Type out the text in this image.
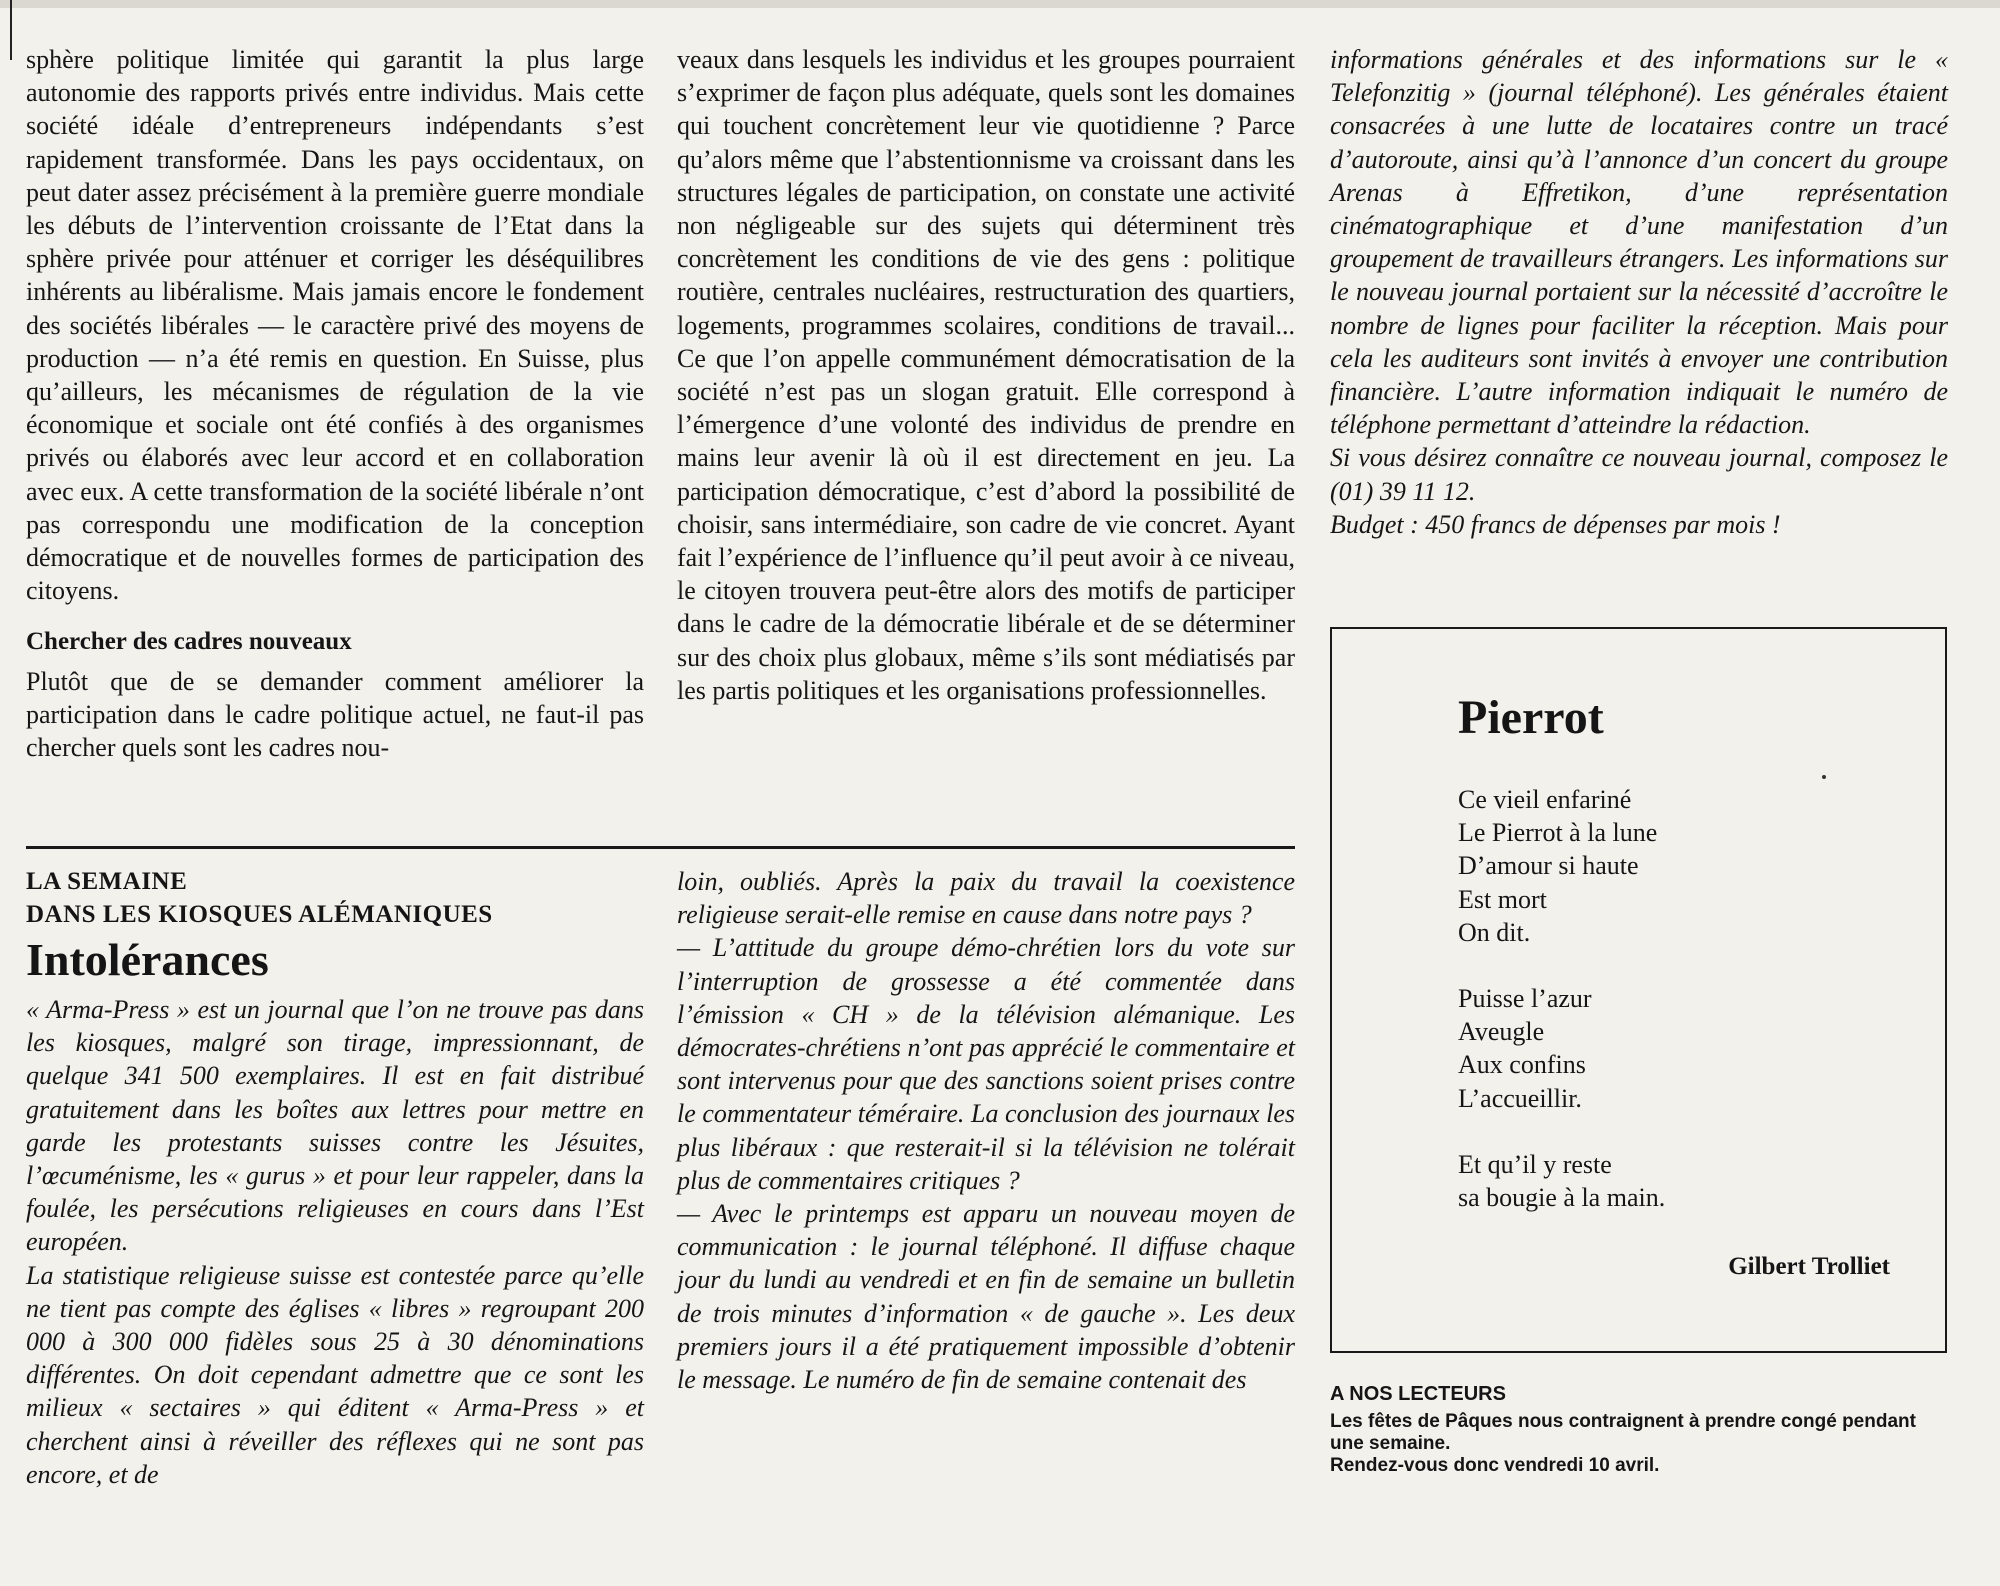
sphère politique limitée qui garantit la plus large autonomie des rapports privés entre individus. Mais cette société idéale d’entrepreneurs indépendants s’est rapidement transformée. Dans les pays occidentaux, on peut dater assez précisément à la première guerre mondiale les débuts de l’intervention croissante de l’Etat dans la sphère privée pour atténuer et corriger les déséquilibres inhérents au libéralisme. Mais jamais encore le fondement des sociétés libérales — le caractère privé des moyens de production — n’a été remis en question. En Suisse, plus qu’ailleurs, les mécanismes de régulation de la vie économique et sociale ont été confiés à des organismes privés ou élaborés avec leur accord et en collaboration avec eux. A cette transformation de la société libérale n’ont pas correspondu une modification de la conception démocratique et de nouvelles formes de participation des citoyens.

Chercher des cadres nouveaux

Plutôt que de se demander comment améliorer la participation dans le cadre politique actuel, ne faut-il pas chercher quels sont les cadres nou-

veaux dans lesquels les individus et les groupes pourraient s’exprimer de façon plus adéquate, quels sont les domaines qui touchent concrètement leur vie quotidienne ? Parce qu’alors même que l’abstentionnisme va croissant dans les structures légales de participation, on constate une activité non négligeable sur des sujets qui déterminent très concrètement les conditions de vie des gens : politique routière, centrales nucléaires, restructuration des quartiers, logements, programmes scolaires, conditions de travail... Ce que l’on appelle communément démocratisation de la société n’est pas un slogan gratuit. Elle correspond à l’émergence d’une volonté des individus de prendre en mains leur avenir là où il est directement en jeu. La participation démocratique, c’est d’abord la possibilité de choisir, sans intermédiaire, son cadre de vie concret. Ayant fait l’expérience de l’influence qu’il peut avoir à ce niveau, le citoyen trouvera peut-être alors des motifs de participer dans le cadre de la démocratie libérale et de se déterminer sur des choix plus globaux, même s’ils sont médiatisés par les partis politiques et les organisations professionnelles.

informations générales et des informations sur le « Telefonzitig » (journal téléphoné). Les générales étaient consacrées à une lutte de locataires contre un tracé d’autoroute, ainsi qu’à l’annonce d’un concert du groupe Arenas à Effretikon, d’une représentation cinématographique et d’une manifestation d’un groupement de travailleurs étrangers. Les informations sur le nouveau journal portaient sur la nécessité d’accroître le nombre de lignes pour faciliter la réception. Mais pour cela les auditeurs sont invités à envoyer une contribution financière. L’autre information indiquait le numéro de téléphone permettant d’atteindre la rédaction.

Si vous désirez connaître ce nouveau journal, composez le (01) 39 11 12.

Budget : 450 francs de dépenses par mois !

LA SEMAINE
DANS LES KIOSQUES ALÉMANIQUES
Intolérances

« Arma-Press » est un journal que l’on ne trouve pas dans les kiosques, malgré son tirage, impressionnant, de quelque 341 500 exemplaires. Il est en fait distribué gratuitement dans les boîtes aux lettres pour mettre en garde les protestants suisses contre les Jésuites, l’œcuménisme, les « gurus » et pour leur rappeler, dans la foulée, les persécutions religieuses en cours dans l’Est européen.

La statistique religieuse suisse est contestée parce qu’elle ne tient pas compte des églises « libres » regroupant 200 000 à 300 000 fidèles sous 25 à 30 dénominations différentes. On doit cependant admettre que ce sont les milieux « sectaires » qui éditent « Arma-Press » et cherchent ainsi à réveiller des réflexes qui ne sont pas encore, et de

loin, oubliés. Après la paix du travail la coexistence religieuse serait-elle remise en cause dans notre pays ?

— L’attitude du groupe démo-chrétien lors du vote sur l’interruption de grossesse a été commentée dans l’émission « CH » de la télévision alémanique. Les démocrates-chrétiens n’ont pas apprécié le commentaire et sont intervenus pour que des sanctions soient prises contre le commentateur téméraire. La conclusion des journaux les plus libéraux : que resterait-il si la télévision ne tolérait plus de commentaires critiques ?

— Avec le printemps est apparu un nouveau moyen de communication : le journal téléphoné. Il diffuse chaque jour du lundi au vendredi et en fin de semaine un bulletin de trois minutes d’information « de gauche ». Les deux premiers jours il a été pratiquement impossible d’obtenir le message. Le numéro de fin de semaine contenait des

Pierrot
Ce vieil enfariné
Le Pierrot à la lune
D’amour si haute
Est mort
On dit.
Puisse l’azur
Aveugle
Aux confins
L’accueillir.
Et qu’il y reste
sa bougie à la main.
Gilbert Trolliet
A NOS LECTEURS
Les fêtes de Pâques nous contraignent à prendre congé pendant une semaine.
Rendez-vous donc vendredi 10 avril.
